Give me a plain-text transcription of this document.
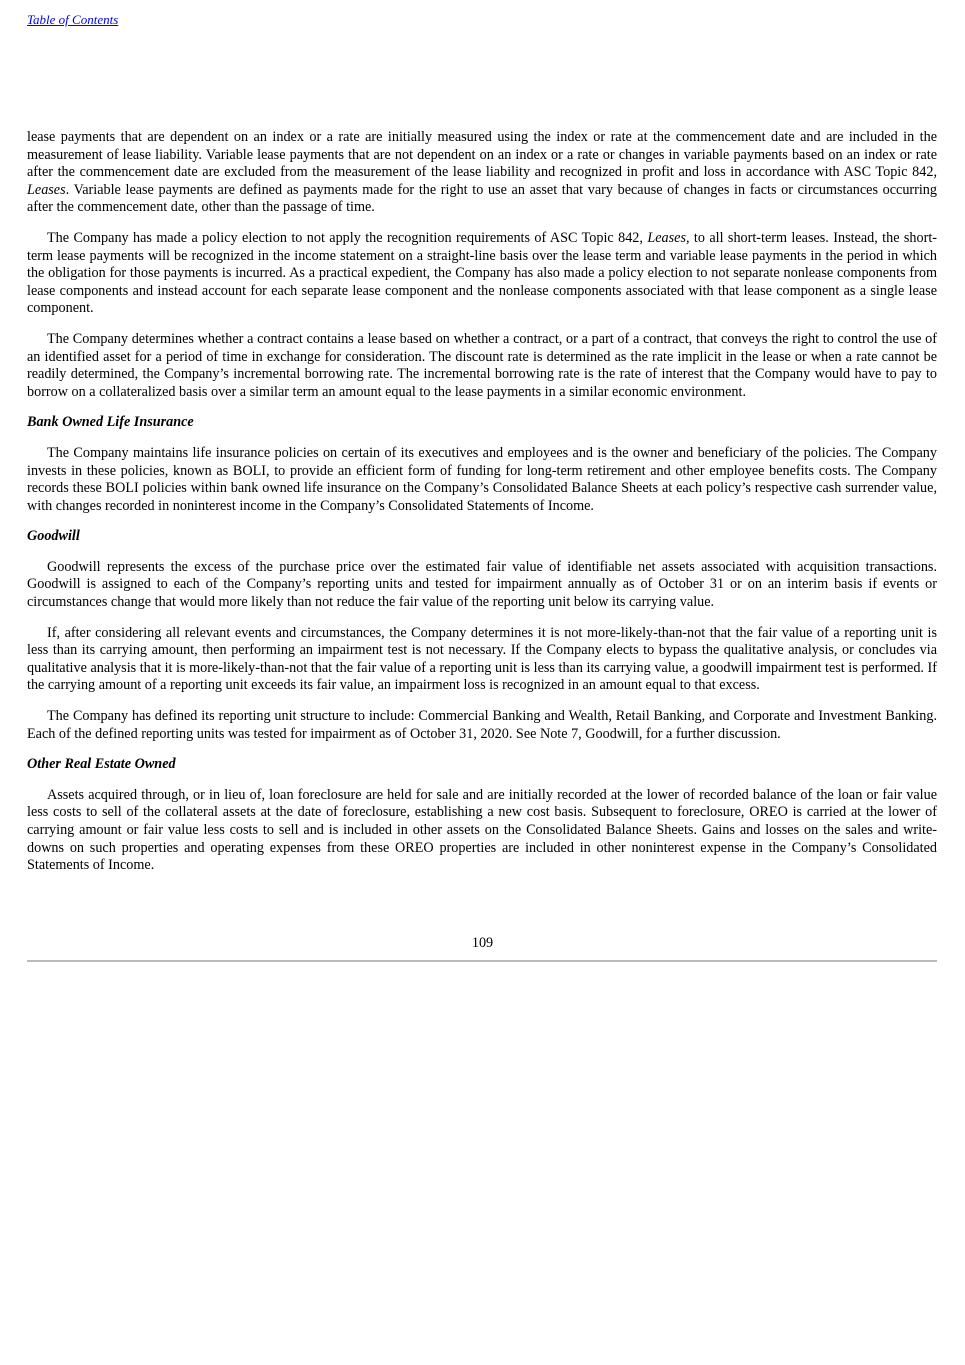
Table of Contents

lease payments that are dependent on an index or a rate are initially measured using the index or rate at the commencement date and are included in the measurement of lease liability. Variable lease payments that are not dependent on an index or a rate or changes in variable payments based on an index or rate after the commencement date are excluded from the measurement of the lease liability and recognized in profit and loss in accordance with ASC Topic 842, Leases. Variable lease payments are defined as payments made for the right to use an asset that vary because of changes in facts or circumstances occurring after the commencement date, other than the passage of time.

The Company has made a policy election to not apply the recognition requirements of ASC Topic 842, Leases, to all short-term leases. Instead, the short-term lease payments will be recognized in the income statement on a straight-line basis over the lease term and variable lease payments in the period in which the obligation for those payments is incurred. As a practical expedient, the Company has also made a policy election to not separate nonlease components from lease components and instead account for each separate lease component and the nonlease components associated with that lease component as a single lease component.

The Company determines whether a contract contains a lease based on whether a contract, or a part of a contract, that conveys the right to control the use of an identified asset for a period of time in exchange for consideration. The discount rate is determined as the rate implicit in the lease or when a rate cannot be readily determined, the Company’s incremental borrowing rate. The incremental borrowing rate is the rate of interest that the Company would have to pay to borrow on a collateralized basis over a similar term an amount equal to the lease payments in a similar economic environment.

Bank Owned Life Insurance

The Company maintains life insurance policies on certain of its executives and employees and is the owner and beneficiary of the policies. The Company invests in these policies, known as BOLI, to provide an efficient form of funding for long-term retirement and other employee benefits costs. The Company records these BOLI policies within bank owned life insurance on the Company’s Consolidated Balance Sheets at each policy’s respective cash surrender value, with changes recorded in noninterest income in the Company’s Consolidated Statements of Income.

Goodwill

Goodwill represents the excess of the purchase price over the estimated fair value of identifiable net assets associated with acquisition transactions. Goodwill is assigned to each of the Company’s reporting units and tested for impairment annually as of October 31 or on an interim basis if events or circumstances change that would more likely than not reduce the fair value of the reporting unit below its carrying value.

If, after considering all relevant events and circumstances, the Company determines it is not more-likely-than-not that the fair value of a reporting unit is less than its carrying amount, then performing an impairment test is not necessary. If the Company elects to bypass the qualitative analysis, or concludes via qualitative analysis that it is more-likely-than-not that the fair value of a reporting unit is less than its carrying value, a goodwill impairment test is performed. If the carrying amount of a reporting unit exceeds its fair value, an impairment loss is recognized in an amount equal to that excess.

The Company has defined its reporting unit structure to include: Commercial Banking and Wealth, Retail Banking, and Corporate and Investment Banking. Each of the defined reporting units was tested for impairment as of October 31, 2020. See Note 7, Goodwill, for a further discussion.

Other Real Estate Owned

Assets acquired through, or in lieu of, loan foreclosure are held for sale and are initially recorded at the lower of recorded balance of the loan or fair value less costs to sell of the collateral assets at the date of foreclosure, establishing a new cost basis. Subsequent to foreclosure, OREO is carried at the lower of carrying amount or fair value less costs to sell and is included in other assets on the Consolidated Balance Sheets. Gains and losses on the sales and write-downs on such properties and operating expenses from these OREO properties are included in other noninterest expense in the Company’s Consolidated Statements of Income.

109
